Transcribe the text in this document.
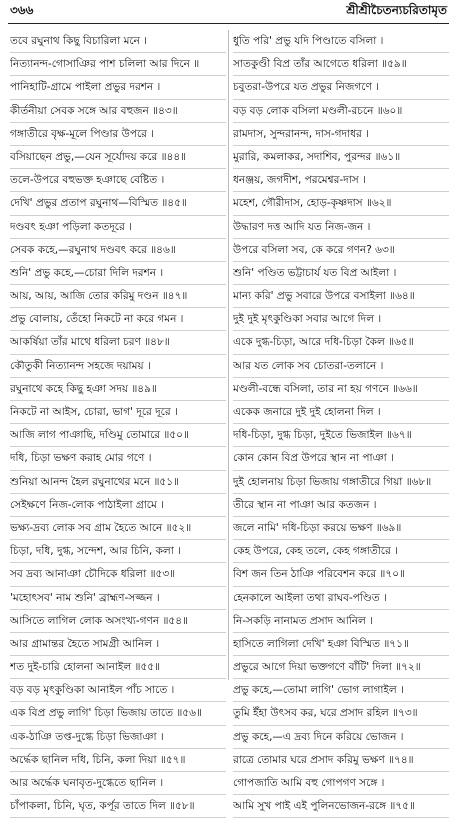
৩৬৬	শ্রীশ্রীচৈতন্যচরিতামৃত
তবে রঘুনাথ কিছু বিচারিলা মনে ।
নিত্যানন্দ-গোসাঞির পাশ চলিলা আর দিনে ॥
পানিহাটি-গ্রামে পাইলা প্রভুর দরশন ।
কীর্তনীয়া সেবক সঙ্গে আর বহুজন ॥৪৩॥
গঙ্গাতীরে বৃক্ষ-মূলে পিণ্ডার উপরে ।
বসিয়াছেন প্রভু,—যেন সূর্যোদয় করে ॥৪৪॥
তলে-উপরে বহুভক্ত হঞাছে বেষ্টিত ।
দেখি' প্রভুর প্রতাপ রঘুনাথ—বিস্মিত ॥৪৫॥
দণ্ডবৎ হঞা পড়িলা কতদূরে ।
সেবক কহে,—রঘুনাথ দণ্ডবৎ করে ॥৪৬॥
শুনি' প্রভু কহে,—চোরা দিলি দরশন ।
আয়, আয়, আজি তোর করিমু দণ্ডন ॥৪৭॥
প্রভু বোলায়, তেঁহো নিকটে না করে গমন ।
আকর্ষিয়া তাঁর মাথে ধরিলা চরণ ॥৪৮॥
কৌতুকী নিত্যানন্দ সহজে দয়াময় ।
রঘুনাথে কহে কিছু হঞা সদয় ॥৪৯॥
নিকটে না আইস, চোরা, ভাগ' দূরে দূরে ।
আজি লাগ পাঞাছি, দণ্ডিমু তোমারে ॥৫০॥
দধি, চিড়া ভক্ষণ করাহ মোর গণে ।
শুনিয়া আনন্দ হৈল রঘুনাথের মনে ॥৫১॥
সেইক্ষণে নিজ-লোক পাঠাইলা গ্রামে ।
ভক্ষ্য-দ্রব্য লোক সব গ্রাম হৈতে আনে ॥৫২॥
চিড়া, দধি, দুগ্ধ, সন্দেশ, আর চিনি, কলা ।
সব দ্রব্য আনাঞা চৌদিকে ধরিলা ॥৫৩॥
'মহোৎসব' নাম শুনি' ব্রাহ্মণ-সজ্জন ।
আসিতে লাগিল লোক অসংখ্য-গণন ॥৫৪॥
আর গ্রামান্তর হৈতে সামগ্রী আনিল ।
শত দুই-চারি হোলনা আনাইল ॥৫৫॥
বড় বড় মৃৎকুণ্ডিকা আনাইল পাঁচ সাতে ।
এক বিপ্র প্রভু লাগি' চিড়া ভিজায় তাতে ॥৫৬॥
এক-ঠাঞি তপ্ত-দুগ্ধে চিড়া ভিজাঞা ।
অর্দ্ধেক ছানিল দধি, চিনি, কলা দিয়া ॥৫৭॥
আর অর্দ্ধেক ঘনাবৃত-দুগ্ধেতে ছানিল ।
চাঁপাকলা, চিনি, ঘৃত, কর্পূর তাতে দিল ॥৫৮॥
ধুতি পরি' প্রভু যদি পিণ্ডাতে বসিলা ।
সাতকুণ্ডী বিপ্র তাঁর আগেতে ধরিলা ॥৫৯॥
চবুতরা-উপরে যত প্রভুর নিজগণে ।
বড় বড় লোক বসিলা মণ্ডলী-রচনে ॥৬০॥
রামদাস, সুন্দরানন্দ, দাস-গদাধর ।
মুরারি, কমলাকর, সদাশিব, পুরন্দর ॥৬১॥
ধনঞ্জয়, জগদীশ, পরমেশ্বর-দাস ।
মহেশ, গৌরীদাস, হোড়-কৃষ্ণদাস ॥৬২॥
উদ্ধারণ দত্ত আদি যত নিজ-জন ।
উপরে বসিলা সব, কে করে গণন? ৬৩॥
শুনি' পণ্ডিত ভট্টাচার্য যত বিপ্র আইলা ।
মান্য করি' প্রভু সবারে উপরে বসাইলা ॥৬৪॥
দুই দুই মৃৎকুণ্ডিকা সবার আগে দিল ।
একে দুগ্ধ-চিড়া, আরে দধি-চিড়া কৈল ॥৬৫॥
আর যত লোক সব চোতরা-তলানে ।
মণ্ডলী-বন্ধে বসিলা, তার না হয় গণনে ॥৬৬॥
একেক জনারে দুই দুই হোলনা দিল ।
দধি-চিড়া, দুগ্ধ চিড়া, দুইতে ভিজাইল ॥৬৭॥
কোন কোন বিপ্র উপরে স্থান না পাঞা ।
দুই হোলনায় চিড়া ভিজায় গঙ্গাতীরে গিয়া ॥৬৮॥
তীরে স্থান না পাঞা আর কতজন ।
জলে নামি' দধি-চিড়া করয়ে ভক্ষণ ॥৬৯॥
কেহ উপরে, কেহ তলে, কেহ গঙ্গাতীরে ।
বিশ জন তিন ঠাঞি পরিবেশন করে ॥৭০॥
হেনকালে আইলা তথা রাঘব-পণ্ডিত ।
নি-সকড়ি নানামত প্রসাদ আনিল ।
হাসিতে লাগিলা দেখি' হঞা বিস্মিত ॥৭১॥
প্রভুরে আগে দিয়া ভক্তগণে বাঁটি' দিলা ॥৭২॥
প্রভু কহে,—তোমা লাগি' ভোগ লাগাইল ।
তুমি ইঁহা উৎসব কর, ঘরে প্রসাদ রহিল ॥৭৩॥
প্রভু কহে,—এ দ্রব্য দিনে করিয়ে ভোজন ।
রাত্রে তোমার ঘরে প্রসাদ করিমু ভক্ষণ ॥৭৪॥
গোপজাতি আমি বহু গোপগণ সঙ্গে ।
আমি সুখ পাই এই পুলিনভোজন-রঙ্গে ॥৭৫॥
